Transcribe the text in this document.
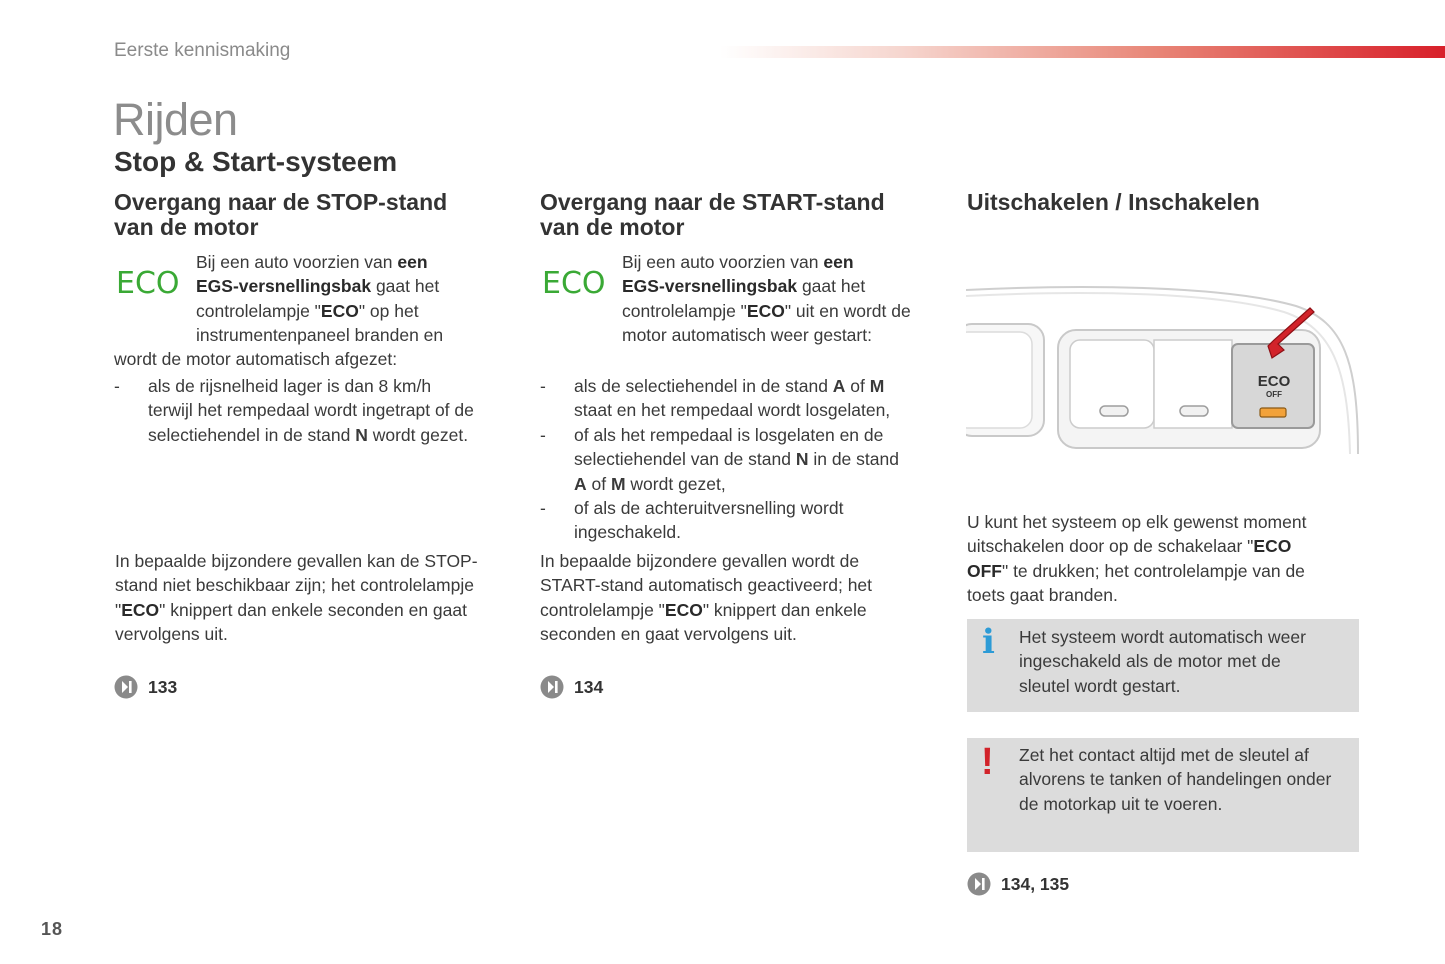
Eerste kennismaking
Rijden
Stop & Start-systeem
Overgang naar de STOP-stand
van de motor
ECO
Bij een auto voorzien van een
EGS-versnellingsbak gaat het
controlelampje "ECO" op het
instrumentenpaneel branden en
wordt de motor automatisch afgezet:
- als de rijsnelheid lager is dan 8 km/h
terwijl het rempedaal wordt ingetrapt of de
selectiehendel in de stand N wordt gezet.
In bepaalde bijzondere gevallen kan de STOP-
stand niet beschikbaar zijn; het controlelampje
"ECO" knippert dan enkele seconden en gaat
vervolgens uit.
133
Overgang naar de START-stand
van de motor
ECO
Bij een auto voorzien van een
EGS-versnellingsbak gaat het
controlelampje "ECO" uit en wordt de
motor automatisch weer gestart:
- als de selectiehendel in de stand A of M
staat en het rempedaal wordt losgelaten,
- of als het rempedaal is losgelaten en de
selectiehendel van de stand N in de stand
A of M wordt gezet,
- of als de achteruitversnelling wordt
ingeschakeld.
In bepaalde bijzondere gevallen wordt de
START-stand automatisch geactiveerd; het
controlelampje "ECO" knippert dan enkele
seconden en gaat vervolgens uit.
134
Uitschakelen / Inschakelen
ECO
OFF
U kunt het systeem op elk gewenst moment
uitschakelen door op de schakelaar "ECO
OFF" te drukken; het controlelampje van de
toets gaat branden.
i Het systeem wordt automatisch weer
ingeschakeld als de motor met de
sleutel wordt gestart.
! Zet het contact altijd met de sleutel af
alvorens te tanken of handelingen onder
de motorkap uit te voeren.
134, 135
18
